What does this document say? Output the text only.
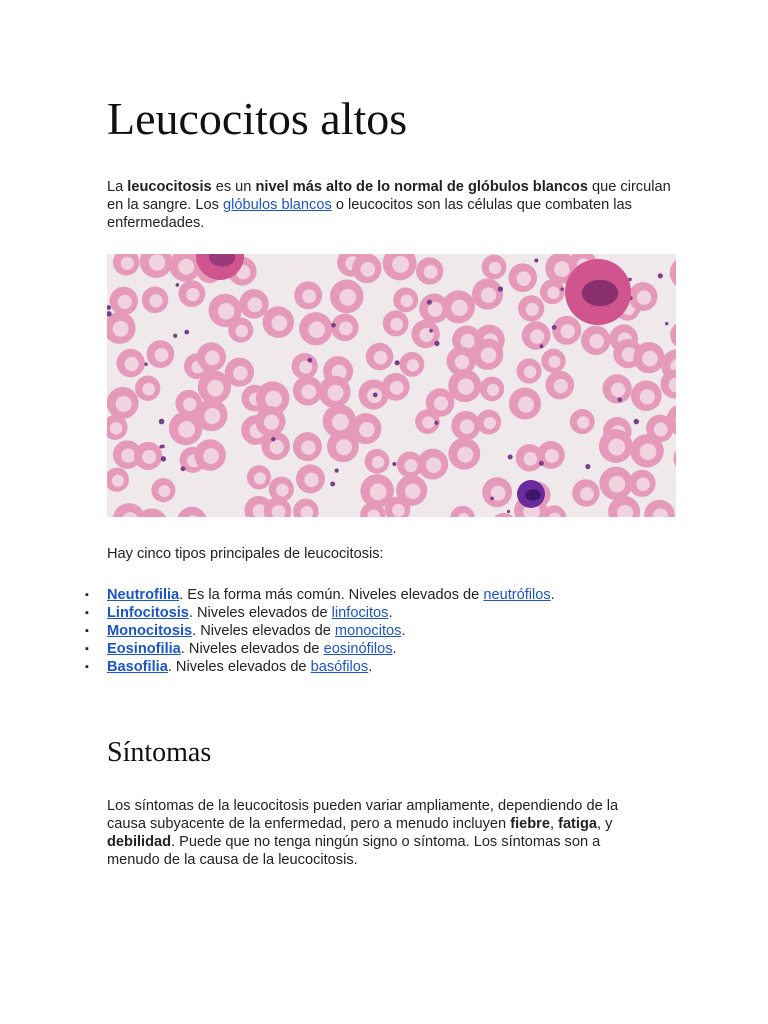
Leucocitos altos

La leucocitosis es un nivel más alto de lo normal de glóbulos blancos que circulan en la sangre. Los glóbulos blancos o leucocitos son las células que combaten las enfermedades.

Hay cinco tipos principales de leucocitosis:

▪ Neutrofilia. Es la forma más común. Niveles elevados de neutrófilos.
▪ Linfocitosis. Niveles elevados de linfocitos.
▪ Monocitosis. Niveles elevados de monocitos.
▪ Eosinofilia. Niveles elevados de eosinófilos.
▪ Basofilia. Niveles elevados de basófilos.
Síntomas

Los síntomas de la leucocitosis pueden variar ampliamente, dependiendo de la causa subyacente de la enfermedad, pero a menudo incluyen fiebre, fatiga, y debilidad. Puede que no tenga ningún signo o síntoma. Los síntomas son a menudo de la causa de la leucocitosis.
